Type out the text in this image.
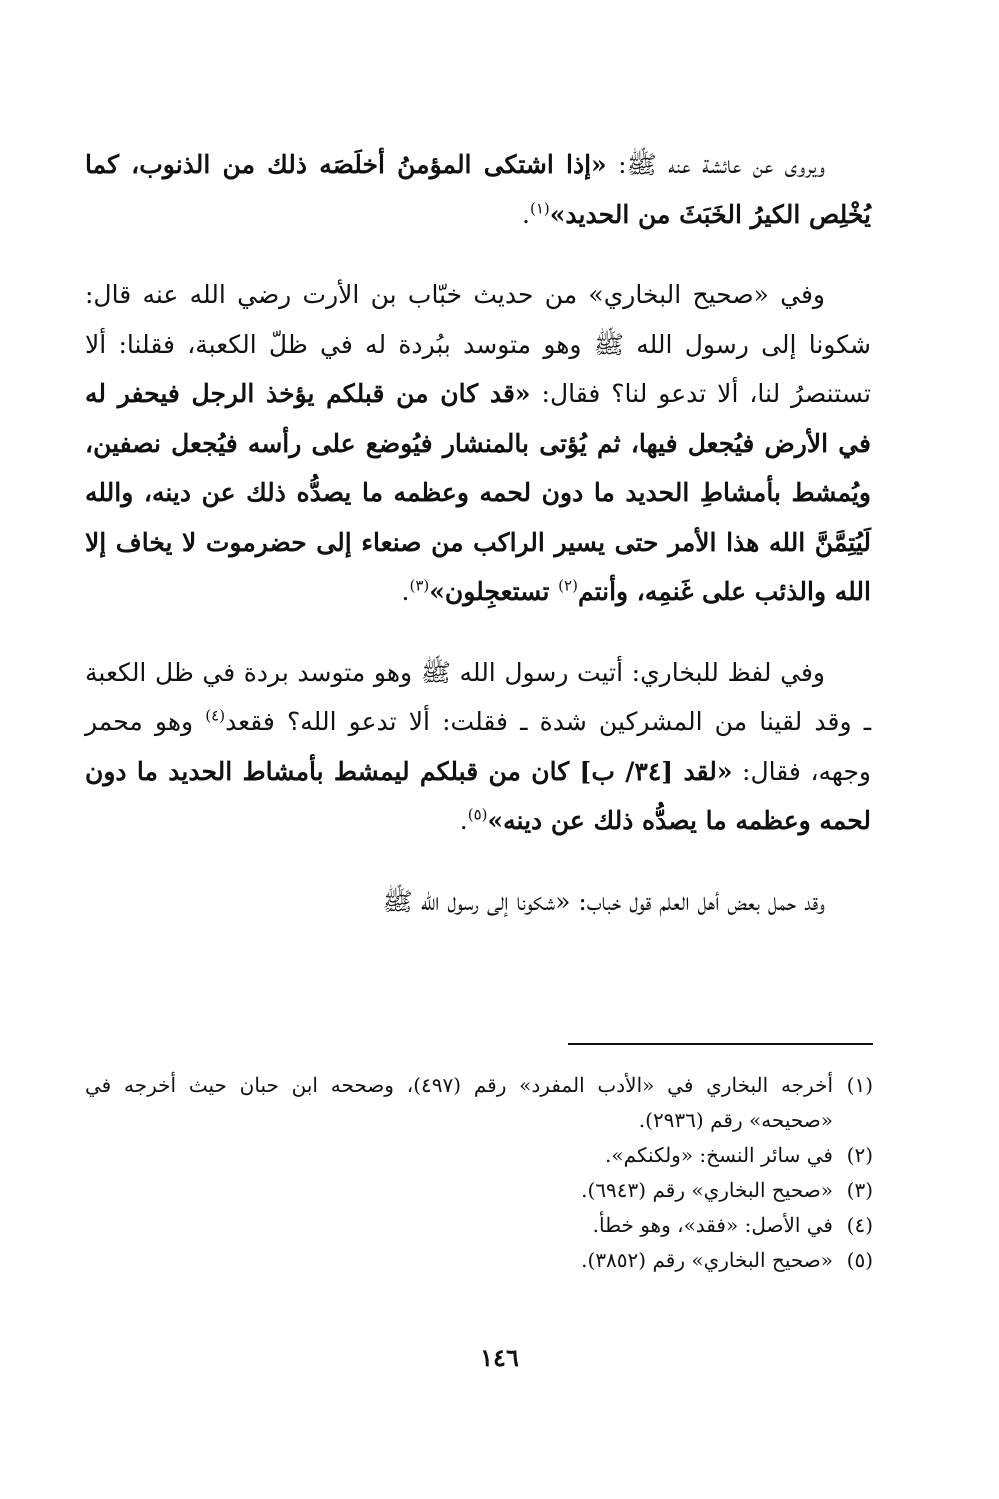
ويروى عن عائشة عنه ﷺ: «إذا اشتكى المؤمنُ أخلَصَه ذلك من الذنوب، كما يُخْلِص الكيرُ الخَبَثَ من الحديد»$^{(١)}$.

وفي «صحيح البخاري» من حديث خبّاب بن الأرت رضي الله عنه قال: شكونا إلى رسول الله ﷺ وهو متوسد ببُردة له في ظلّ الكعبة، فقلنا: ألا تستنصرُ لنا، ألا تدعو لنا؟ فقال: «قد كان من قبلكم يؤخذ الرجل فيحفر له في الأرض فيُجعل فيها، ثم يُؤتى بالمنشار فيُوضع على رأسه فيُجعل نصفين، ويُمشط بأمشاطِ الحديد ما دون لحمه وعظمه ما يصدُّه ذلك عن دينه، والله لَيُتِمَّنَّ الله هذا الأمر حتى يسير الراكب من صنعاء إلى حضرموت لا يخاف إلا الله والذئب على غَنمِه، وأنتم$^{(٢)}$ تستعجِلون»$^{(٣)}$.

وفي لفظ للبخاري: أتيت رسول الله ﷺ وهو متوسد بردة في ظل الكعبة ـ وقد لقينا من المشركين شدة ـ فقلت: ألا تدعو الله؟ فقعد$^{(٤)}$ وهو محمر وجهه، فقال: «لقد [٣٤/ ب] كان من قبلكم ليمشط بأمشاط الحديد ما دون لحمه وعظمه ما يصدُّه ذلك عن دينه»$^{(٥)}$.

وقد حمل بعض أهل العلم قول خباب: «شكونا إلى رسول الله ﷺ

(١)
أخرجه البخاري في «الأدب المفرد» رقم (٤٩٧)، وصححه ابن حبان حيث أخرجه في «صحيحه» رقم (٢٩٣٦).
(٢)
في سائر النسخ: «ولكنكم».
(٣)
«صحيح البخاري» رقم (٦٩٤٣).
(٤)
في الأصل: «فقد»، وهو خطأ.
(٥)
«صحيح البخاري» رقم (٣٨٥٢).
١٤٦
